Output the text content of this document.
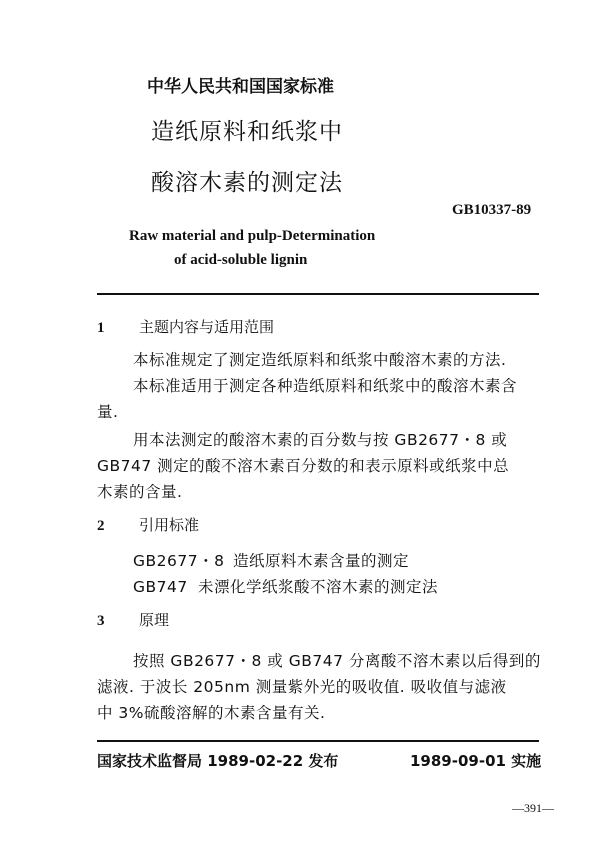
中华人民共和国国家标准
造纸原料和纸浆中
酸溶木素的测定法
GB10337-89
Raw material and pulp-Determination
of acid-soluble lignin
1 主题内容与适用范围
本标准规定了测定造纸原料和纸浆中酸溶木素的方法.
本标准适用于测定各种造纸原料和纸浆中的酸溶木素含
量.
用本法测定的酸溶木素的百分数与按 GB2677・8 或
GB747 测定的酸不溶木素百分数的和表示原料或纸浆中总
木素的含量.
2 引用标准
GB2677・8 造纸原料木素含量的测定
GB747 未漂化学纸浆酸不溶木素的测定法
3 原理
按照 GB2677・8 或 GB747 分离酸不溶木素以后得到的
滤液. 于波长 205nm 测量紫外光的吸收值. 吸收值与滤液
中 3%硫酸溶解的木素含量有关.
国家技术监督局 1989-02-22 发布	1989-09-01 实施
—391—
